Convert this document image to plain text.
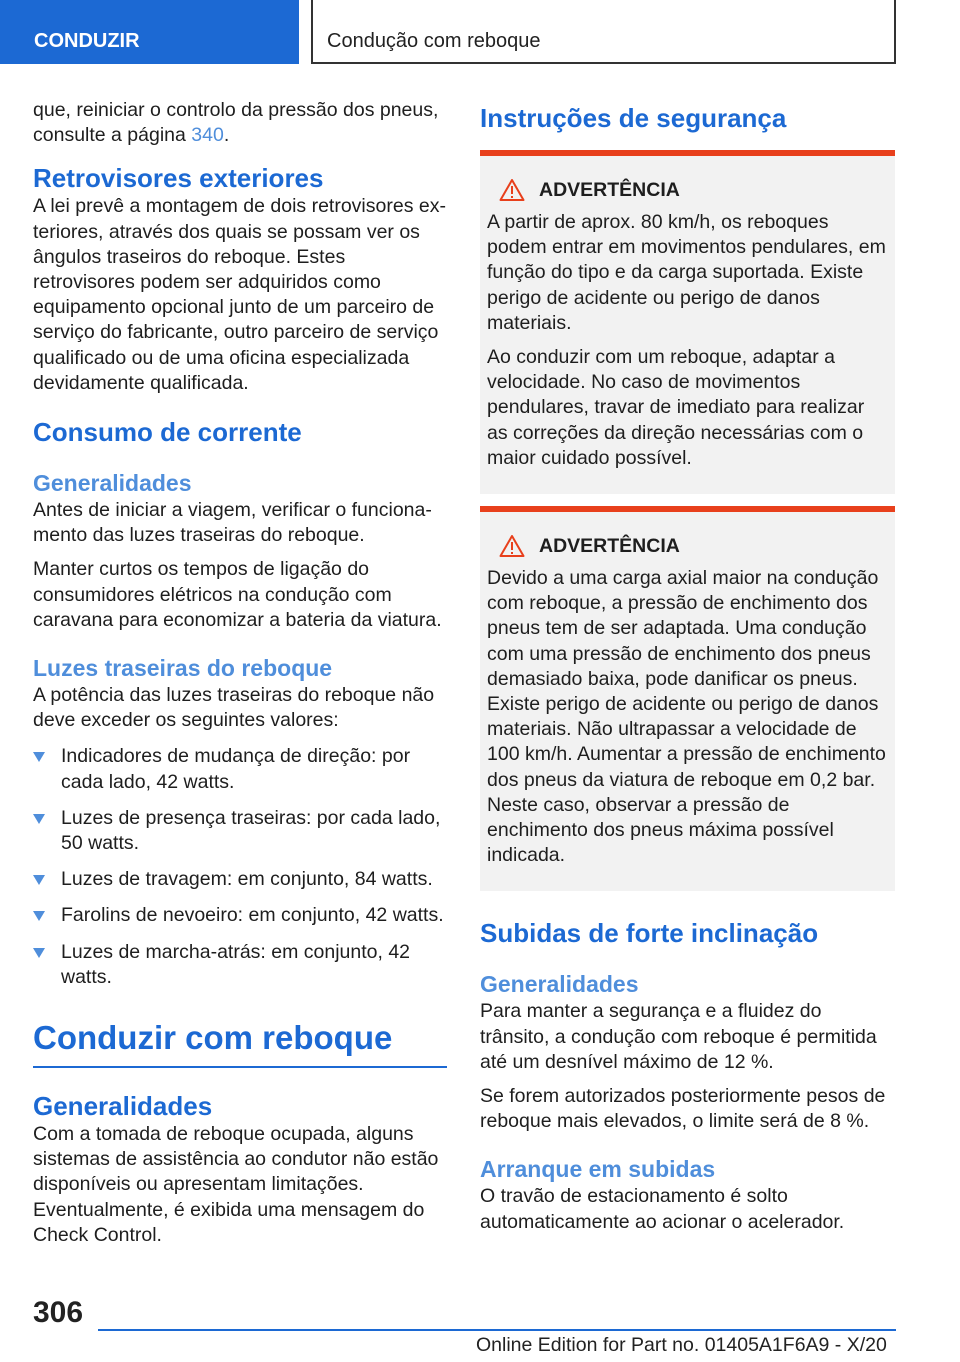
CONDUZIR	Condução com reboque

que, reiniciar o controlo da pressão dos pneus, consulte a página 340.

Retrovisores exteriores

A lei prevê a montagem de dois retrovisores exteriores, através dos quais se possam ver os ângulos traseiros do reboque. Estes retrovisores podem ser adquiridos como equipamento opcional junto de um parceiro de serviço do fabricante, outro parceiro de serviço qualificado ou de uma oficina especializada devidamente qualificada.

Consumo de corrente
Generalidades

Antes de iniciar a viagem, verificar o funcionamento das luzes traseiras do reboque.

Manter curtos os tempos de ligação do consumidores elétricos na condução com caravana para economizar a bateria da viatura.

Luzes traseiras do reboque

A potência das luzes traseiras do reboque não deve exceder os seguintes valores:

Indicadores de mudança de direção: por cada lado, 42 watts.
Luzes de presença traseiras: por cada lado, 50 watts.
Luzes de travagem: em conjunto, 84 watts.
Farolins de nevoeiro: em conjunto, 42 watts.
Luzes de marcha-atrás: em conjunto, 42 watts.
Conduzir com reboque
Generalidades

Com a tomada de reboque ocupada, alguns sistemas de assistência ao condutor não estão disponíveis ou apresentam limitações. Eventualmente, é exibida uma mensagem do Check Control.

Instruções de segurança
ADVERTÊNCIA

A partir de aprox. 80 km/h, os reboques podem entrar em movimentos pendulares, em função do tipo e da carga suportada. Existe perigo de acidente ou perigo de danos materiais.

Ao conduzir com um reboque, adaptar a velocidade. No caso de movimentos pendulares, travar de imediato para realizar as correções da direção necessárias com o maior cuidado possível.

ADVERTÊNCIA

Devido a uma carga axial maior na condução com reboque, a pressão de enchimento dos pneus tem de ser adaptada. Uma condução com uma pressão de enchimento dos pneus demasiado baixa, pode danificar os pneus. Existe perigo de acidente ou perigo de danos materiais. Não ultrapassar a velocidade de 100 km/h. Aumentar a pressão de enchimento dos pneus da viatura de reboque em 0,2 bar. Neste caso, observar a pressão de enchimento dos pneus máxima possível indicada.

Subidas de forte inclinação
Generalidades

Para manter a segurança e a fluidez do trânsito, a condução com reboque é permitida até um desnível máximo de 12 %.

Se forem autorizados posteriormente pesos de reboque mais elevados, o limite será de 8 %.

Arranque em subidas

O travão de estacionamento é solto automaticamente ao acionar o acelerador.

306
Online Edition for Part no. 01405A1F6A9 - X/20
